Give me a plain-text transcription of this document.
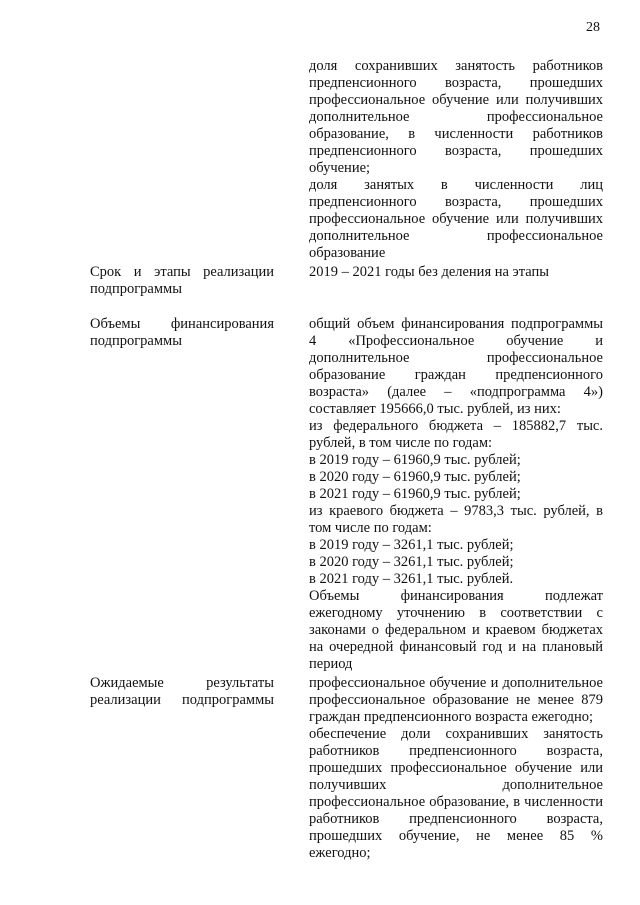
28
доля сохранивших занятость работников предпенсионного возраста, прошедших профессиональное обучение или получивших дополнительное профессиональное образование, в численности работников предпенсионного возраста, прошедших обучение;
доля занятых в численности лиц предпенсионного возраста, прошедших профессиональное обучение или получивших дополнительное профессиональное образование
Срок и этапы реализации подпрограммы
2019 – 2021 годы без деления на этапы
Объемы финансирования подпрограммы
общий объем финансирования подпрограммы 4 «Профессиональное обучение и дополнительное профессиональное образование граждан предпенсионного возраста» (далее – «подпрограмма 4») составляет 195666,0 тыс. рублей, из них:
из федерального бюджета – 185882,7 тыс. рублей, в том числе по годам:
в 2019 году – 61960,9 тыс. рублей;
в 2020 году – 61960,9 тыс. рублей;
в 2021 году – 61960,9 тыс. рублей;
из краевого бюджета – 9783,3 тыс. рублей, в том числе по годам:
в 2019 году – 3261,1 тыс. рублей;
в 2020 году – 3261,1 тыс. рублей;
в 2021 году – 3261,1 тыс. рублей.
Объемы финансирования подлежат ежегодному уточнению в соответствии с законами о федеральном и краевом бюджетах на очередной финансовый год и на плановый период
Ожидаемые результаты реализации подпрограммы
профессиональное обучение и дополнительное профессиональное образование не менее 879 граждан предпенсионного возраста ежегодно;
обеспечение доли сохранивших занятость работников предпенсионного возраста, прошедших профессиональное обучение или получивших дополнительное профессиональное образование, в численности работников предпенсионного возраста, прошедших обучение, не менее 85 % ежегодно;
